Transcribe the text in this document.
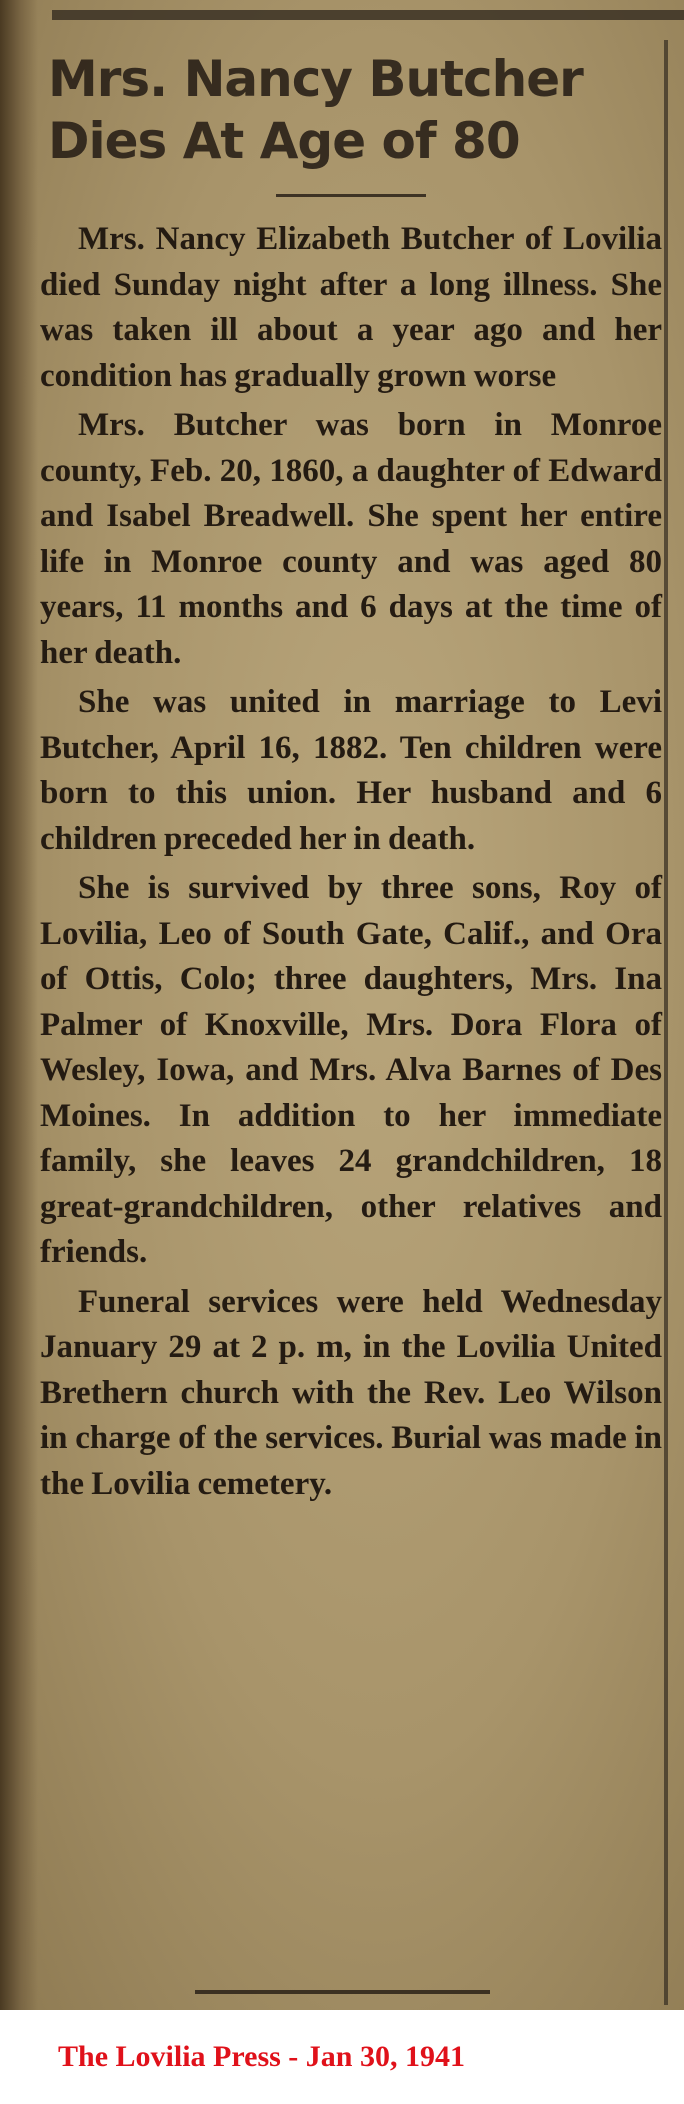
Mrs. Nancy Butcher
Dies At Age of 80

Mrs. Nancy Elizabeth Butcher of Lovilia died Sunday night after a long illness. She was taken ill about a year ago and her condition has gradually grown worse

Mrs. Butcher was born in Monroe county, Feb. 20, 1860, a daughter of Edward and Isabel Breadwell. She spent her entire life in Monroe county and was aged 80 years, 11 months and 6 days at the time of her death.

She was united in marriage to Levi Butcher, April 16, 1882. Ten children were born to this union. Her husband and 6 children preceded her in death.

She is survived by three sons, Roy of Lovilia, Leo of South Gate, Calif., and Ora of Ottis, Colo; three daughters, Mrs. Ina Palmer of Knoxville, Mrs. Dora Flora of Wesley, Iowa, and Mrs. Alva Barnes of Des Moines. In addition to her immediate family, she leaves 24 grandchildren, 18 great-grandchildren, other relatives and friends.

Funeral services were held Wednesday January 29 at 2 p. m, in the Lovilia United Brethern church with the Rev. Leo Wilson in charge of the services. Burial was made in the Lovilia cemetery.

The Lovilia Press - Jan 30, 1941
